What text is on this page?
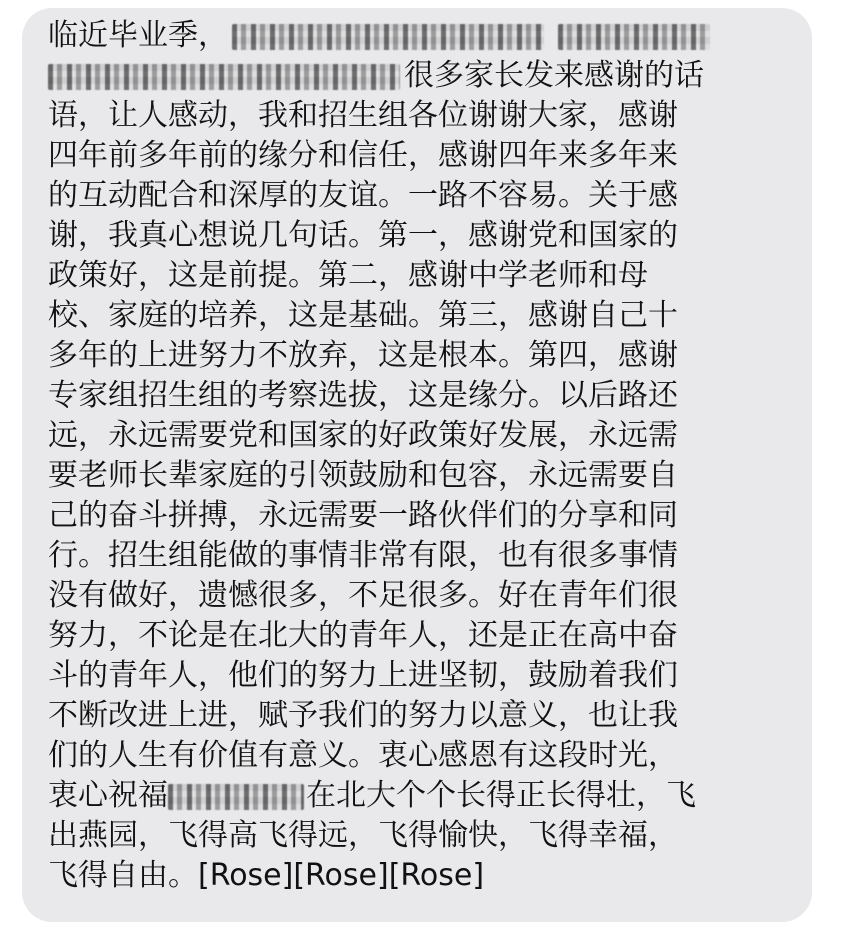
临近毕业季，
很多家长发来感谢的话
语，让人感动，我和招生组各位谢谢大家，感谢
四年前多年前的缘分和信任，感谢四年来多年来
的互动配合和深厚的友谊。一路不容易。关于感
谢，我真心想说几句话。第一，感谢党和国家的
政策好，这是前提。第二，感谢中学老师和母
校、家庭的培养，这是基础。第三，感谢自己十
多年的上进努力不放弃，这是根本。第四，感谢
专家组招生组的考察选拔，这是缘分。以后路还
远，永远需要党和国家的好政策好发展，永远需
要老师长辈家庭的引领鼓励和包容，永远需要自
己的奋斗拼搏，永远需要一路伙伴们的分享和同
行。招生组能做的事情非常有限，也有很多事情
没有做好，遗憾很多，不足很多。好在青年们很
努力，不论是在北大的青年人，还是正在高中奋
斗的青年人，他们的努力上进坚韧，鼓励着我们
不断改进上进，赋予我们的努力以意义，也让我
们的人生有价值有意义。衷心感恩有这段时光，
衷心祝福	在北大个个长得正长得壮，飞
出燕园，飞得高飞得远，飞得愉快，飞得幸福，
飞得自由。[Rose][Rose][Rose]
